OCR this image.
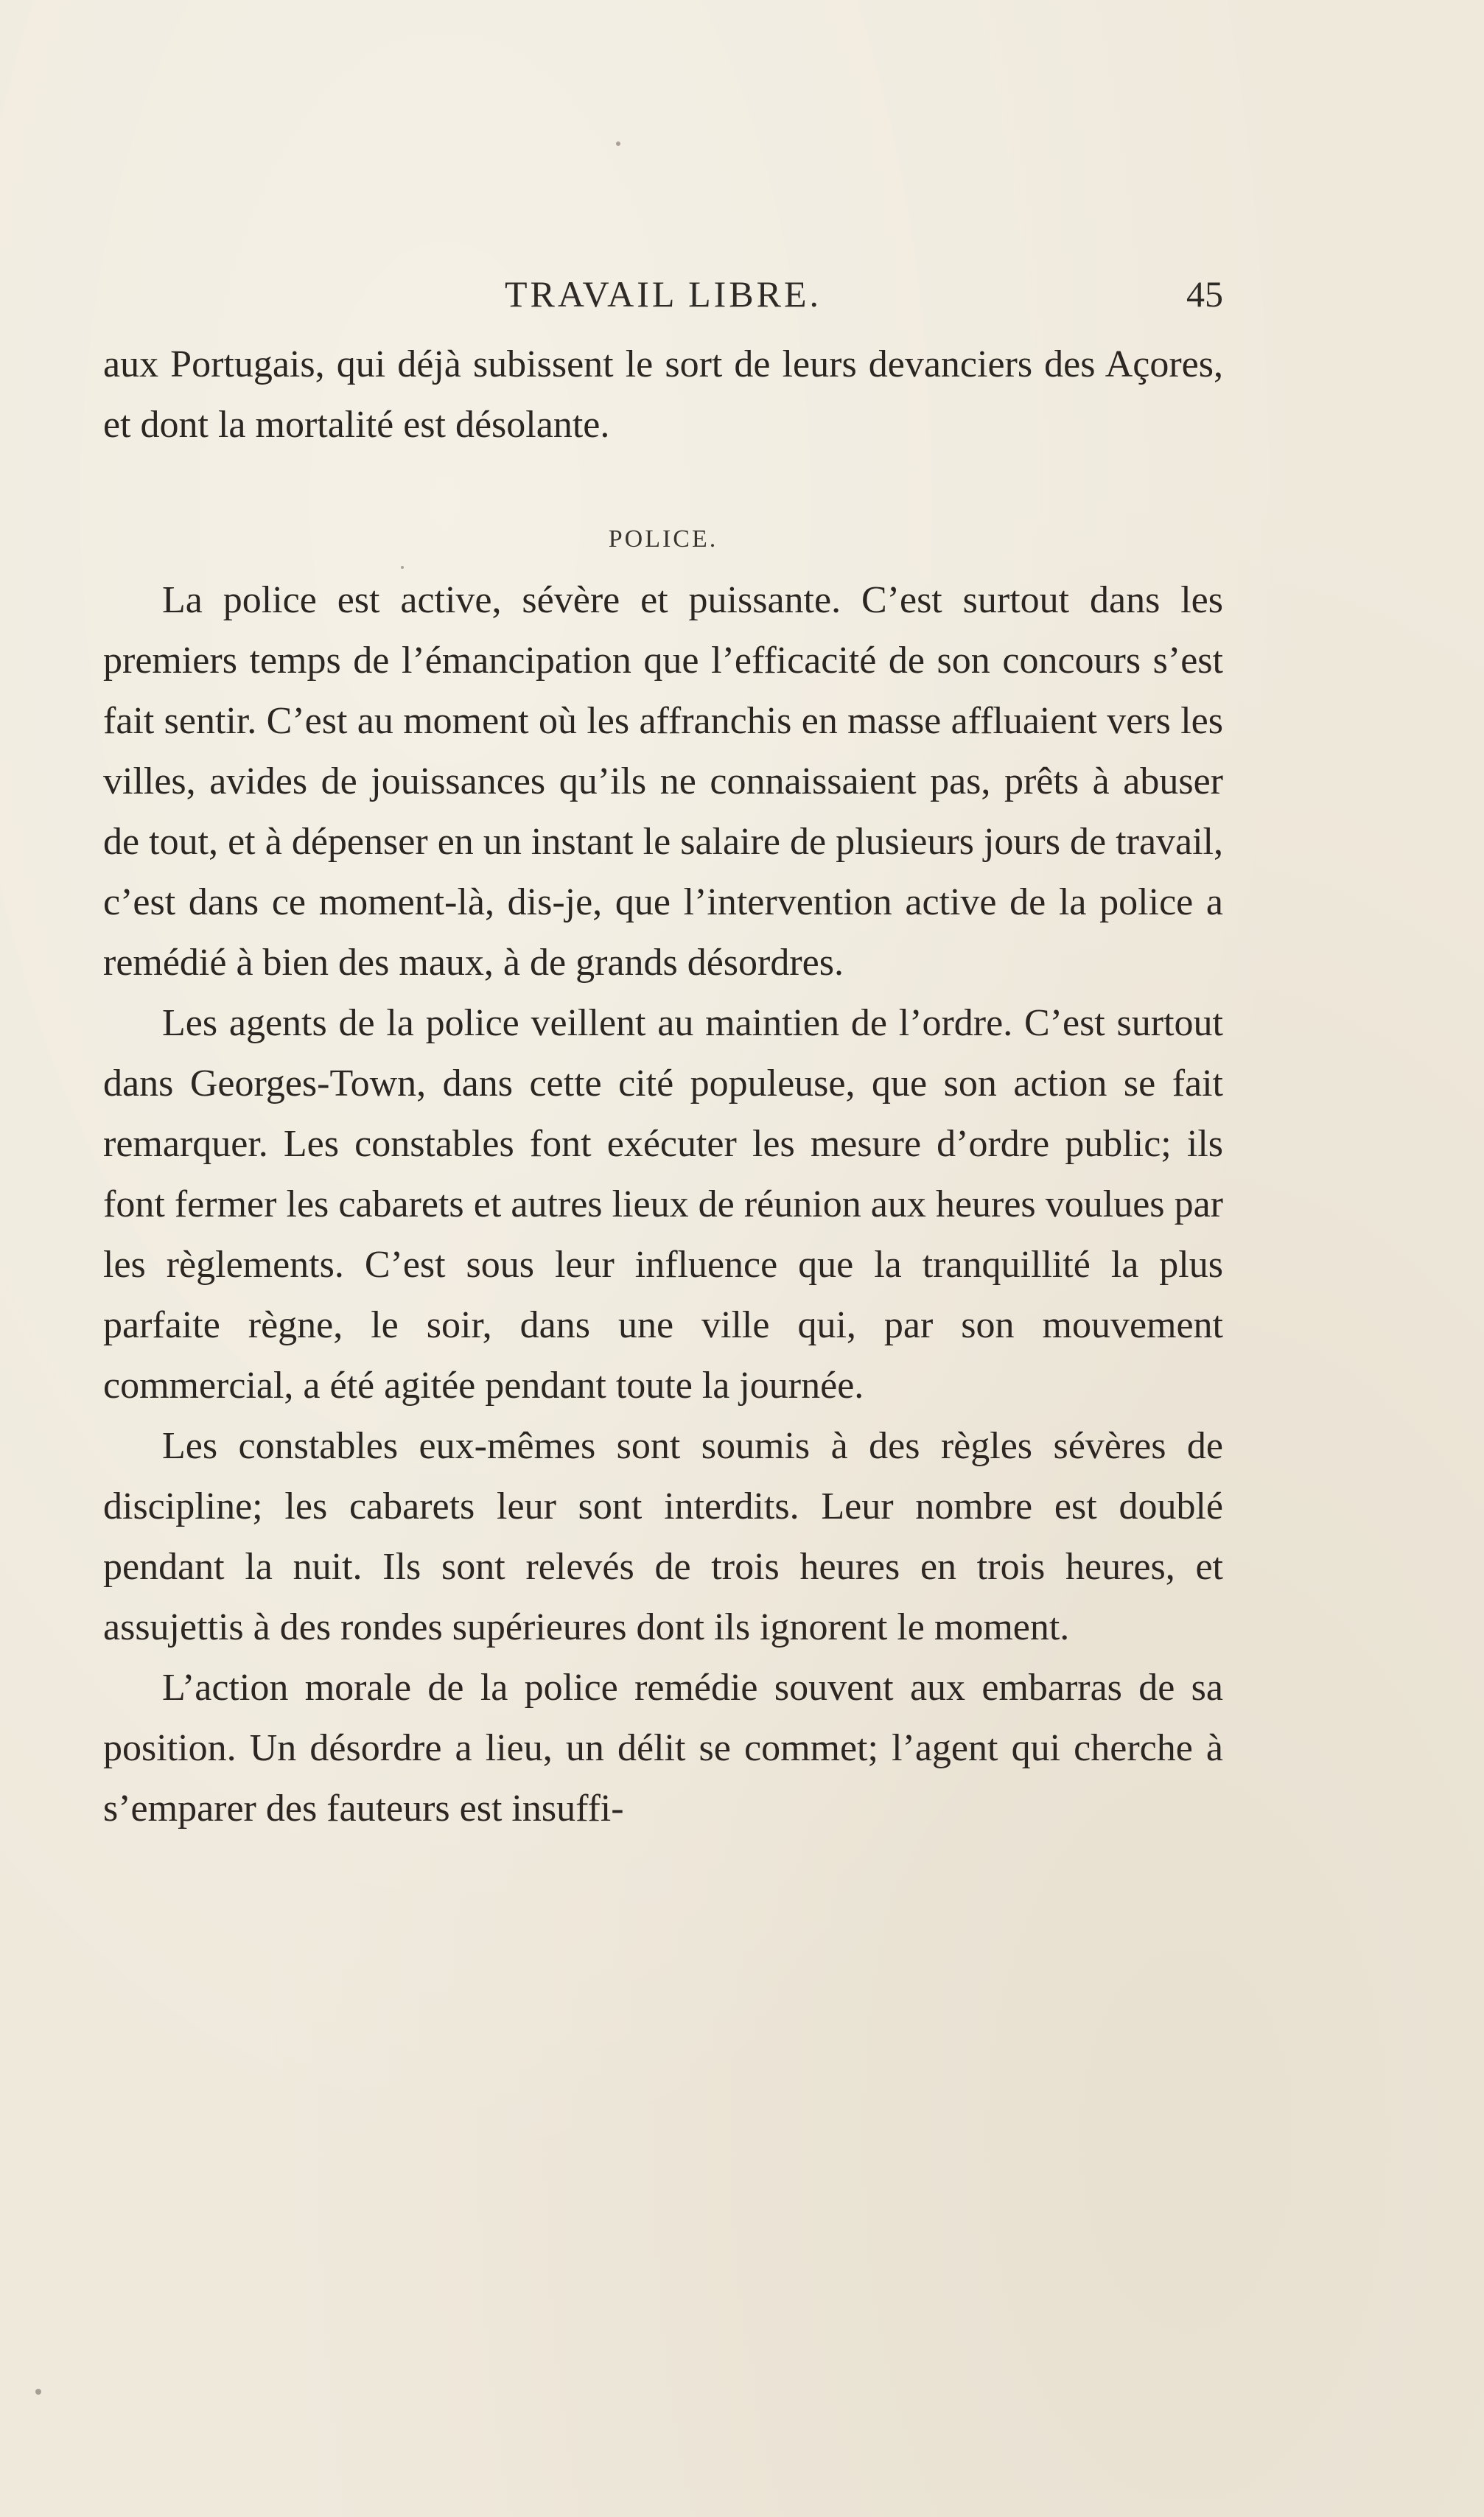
TRAVAIL LIBRE.	45

aux Portugais, qui déjà subissent le sort de leurs devanciers des Açores, et dont la mortalité est désolante.

POLICE.

La police est active, sévère et puissante. C’est surtout dans les premiers temps de l’émancipation que l’efficacité de son concours s’est fait sentir. C’est au moment où les affranchis en masse affluaient vers les villes, avides de jouissances qu’ils ne connaissaient pas, prêts à abuser de tout, et à dépenser en un instant le salaire de plusieurs jours de travail, c’est dans ce moment-là, dis-je, que l’intervention active de la police a remédié à bien des maux, à de grands désordres.

Les agents de la police veillent au maintien de l’ordre. C’est surtout dans Georges-Town, dans cette cité populeuse, que son action se fait remarquer. Les constables font exécuter les mesure d’ordre public; ils font fermer les cabarets et autres lieux de réunion aux heures voulues par les règlements. C’est sous leur influence que la tranquillité la plus parfaite règne, le soir, dans une ville qui, par son mouvement commercial, a été agitée pendant toute la journée.

Les constables eux-mêmes sont soumis à des règles sévères de discipline; les cabarets leur sont interdits. Leur nombre est doublé pendant la nuit. Ils sont relevés de trois heures en trois heures, et assujettis à des rondes supérieures dont ils ignorent le moment.

L’action morale de la police remédie souvent aux embarras de sa position. Un désordre a lieu, un délit se commet; l’agent qui cherche à s’emparer des fauteurs est insuffi-
